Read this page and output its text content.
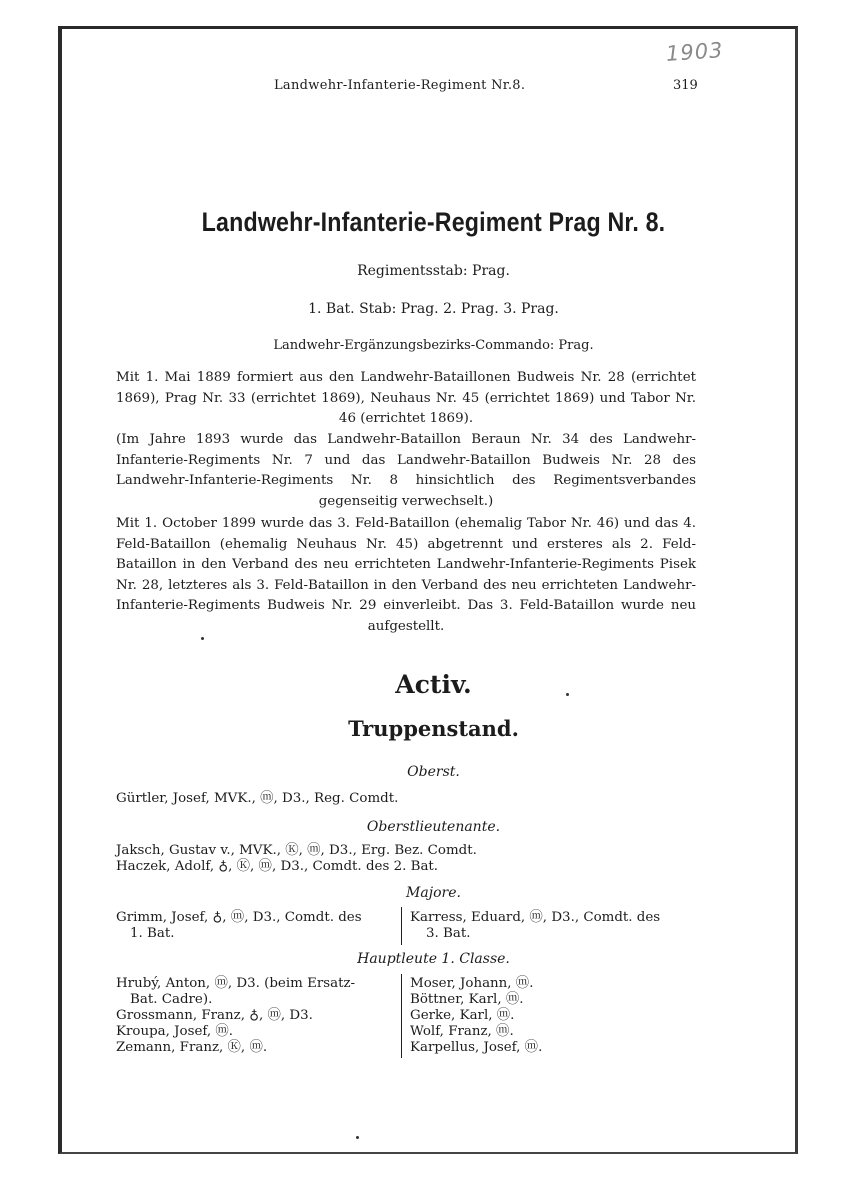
1903
Landwehr-Infanterie-Regiment Nr.8.	319
Landwehr-Infanterie-Regiment Prag Nr. 8.
Regimentsstab: Prag.
1. Bat. Stab: Prag. 2. Prag. 3. Prag.
Landwehr-Ergänzungsbezirks-Commando: Prag.
Mit 1. Mai 1889 formiert aus den Landwehr-Bataillonen Budweis Nr. 28 (errichtet 1869), Prag Nr. 33 (errichtet 1869), Neuhaus Nr. 45 (errichtet 1869) und Tabor Nr. 46 (errichtet 1869).
(Im Jahre 1893 wurde das Landwehr-Bataillon Beraun Nr. 34 des Landwehr-Infanterie-Regiments Nr. 7 und das Landwehr-Bataillon Budweis Nr. 28 des Landwehr-Infanterie-Regiments Nr. 8 hinsichtlich des Regimentsverbandes gegenseitig verwechselt.)
Mit 1. October 1899 wurde das 3. Feld-Bataillon (ehemalig Tabor Nr. 46) und das 4. Feld-Bataillon (ehemalig Neuhaus Nr. 45) abgetrennt und ersteres als 2. Feld-Bataillon in den Verband des neu errichteten Landwehr-Infanterie-Regiments Pisek Nr. 28, letzteres als 3. Feld-Bataillon in den Verband des neu errichteten Landwehr-Infanterie-Regiments Budweis Nr. 29 einverleibt. Das 3. Feld-Bataillon wurde neu aufgestellt.
Activ.
Truppenstand.
Oberst.
Gürtler, Josef, MVK., ⓜ, D3., Reg. Comdt.
Oberstlieutenante.
Jaksch, Gustav v., MVK., Ⓚ, ⓜ, D3., Erg. Bez. Comdt.
Haczek, Adolf, ♁, Ⓚ, ⓜ, D3., Comdt. des 2. Bat.
Majore.
Grimm, Josef, ♁, ⓜ, D3., Comdt. des
1. Bat.
Karress, Eduard, ⓜ, D3., Comdt. des
3. Bat.
Hauptleute 1. Classe.
Hrubý, Anton, ⓜ, D3. (beim Ersatz-
Bat. Cadre).
Grossmann, Franz, ♁, ⓜ, D3.
Kroupa, Josef, ⓜ.
Zemann, Franz, Ⓚ, ⓜ.
Moser, Johann, ⓜ.
Böttner, Karl, ⓜ.
Gerke, Karl, ⓜ.
Wolf, Franz, ⓜ.
Karpellus, Josef, ⓜ.
